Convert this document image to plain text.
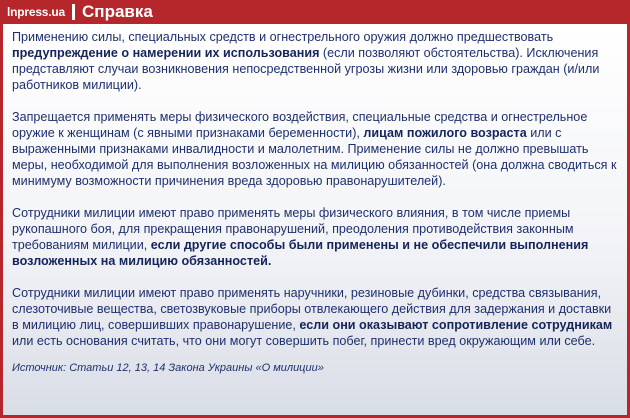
lnpress.ua Справка

Применению силы, специальных средств и огнестрельного оружия должно предшествовать предупреждение о намерении их использования (если позволяют обстоятельства). Исключения представляют случаи возникновения непосредственной угрозы жизни или здоровью граждан (и/или работников милиции).

Запрещается применять меры физического воздействия, специальные средства и огнестрельное оружие к женщинам (с явными признаками беременности), лицам пожилого возраста или с выраженными признаками инвалидности и малолетним. Применение силы не должно превышать меры, необходимой для выполнения возложенных на милицию обязанностей (она должна сводиться к минимуму возможности причинения вреда здоровью правонарушителей).

Сотрудники милиции имеют право применять меры физического влияния, в том числе приемы рукопашного боя, для прекращения правонарушений, преодоления противодействия законным требованиям милиции, если другие способы были применены и не обеспечили выполнения возложенных на милицию обязанностей.

Сотрудники милиции имеют право применять наручники, резиновые дубинки, средства связывания, слезоточивые вещества, светозвуковые приборы отвлекающего действия для задержания и доставки в милицию лиц, совершивших правонарушение, если они оказывают сопротивление сотрудникам или есть основания считать, что они могут совершить побег, принести вред окружающим или себе.

Источник: Статьи 12, 13, 14 Закона Украины «О милиции»
